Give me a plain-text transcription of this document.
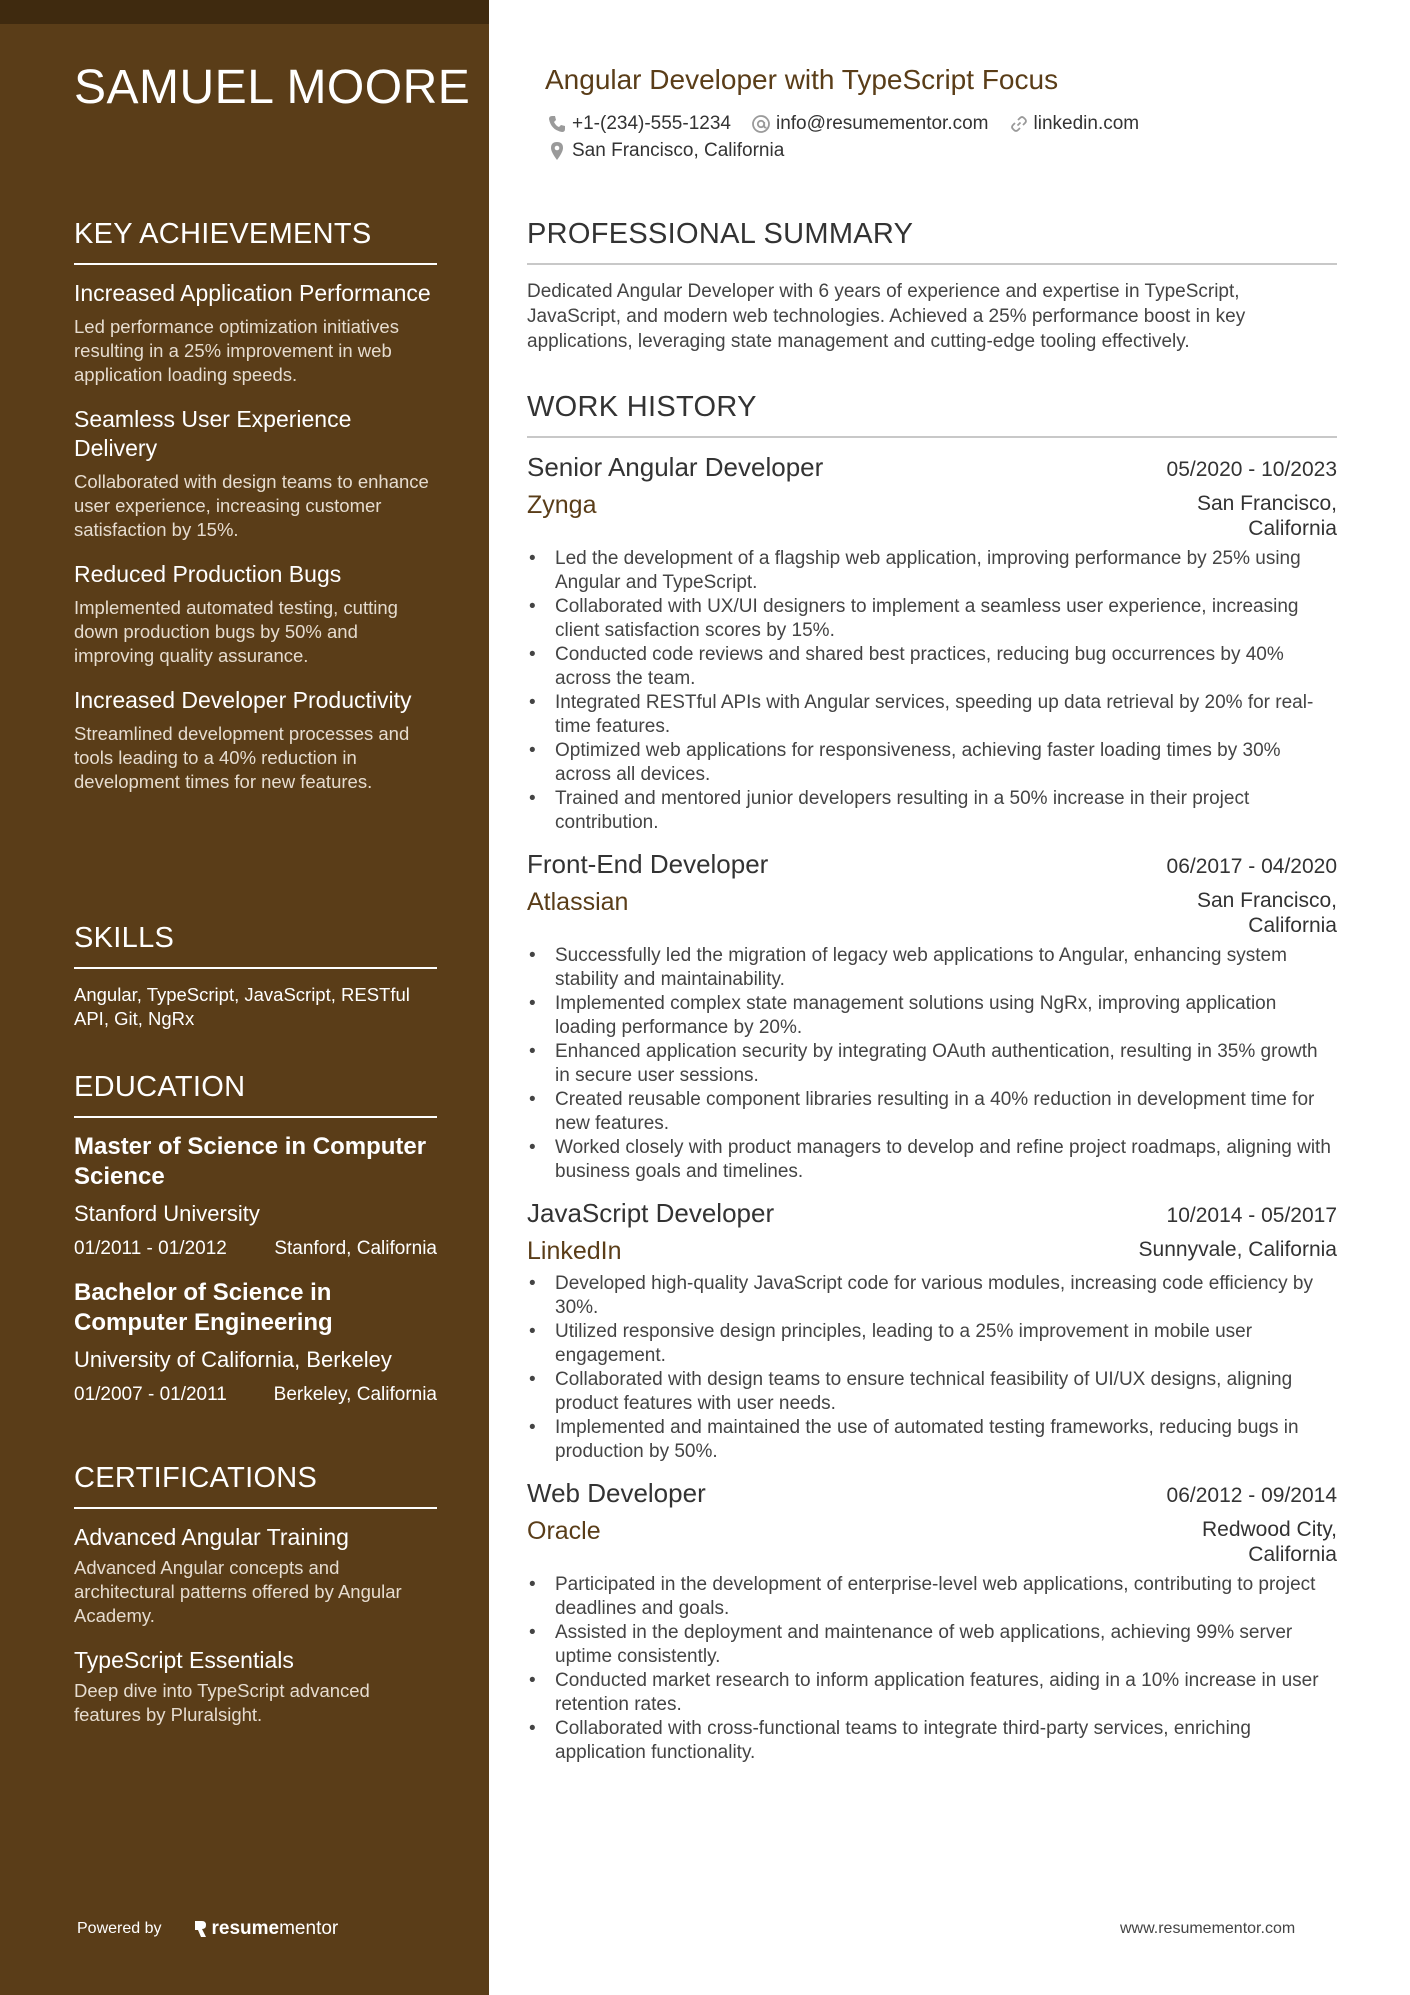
SAMUEL MOORE
KEY ACHIEVEMENTS
Increased Application Performance
Led performance optimization initiatives resulting in a 25% improvement in web application loading speeds.
Seamless User Experience Delivery
Collaborated with design teams to enhance user experience, increasing customer satisfaction by 15%.
Reduced Production Bugs
Implemented automated testing, cutting down production bugs by 50% and improving quality assurance.
Increased Developer Productivity
Streamlined development processes and tools leading to a 40% reduction in development times for new features.
SKILLS
Angular, TypeScript, JavaScript, RESTful API, Git, NgRx
EDUCATION
Master of Science in Computer Science
Stanford University
01/2011 - 01/2012	Stanford, California
Bachelor of Science in Computer Engineering
University of California, Berkeley
01/2007 - 01/2011 Berkeley, California
CERTIFICATIONS
Advanced Angular Training
Advanced Angular concepts and architectural patterns offered by Angular Academy.
TypeScript Essentials
Deep dive into TypeScript advanced features by Pluralsight.
Powered by	resume mentor
Angular Developer with TypeScript Focus
+1-(234)-555-1234 info@resumementor.com linkedin.com
San Francisco, California
PROFESSIONAL SUMMARY
Dedicated Angular Developer with 6 years of experience and expertise in TypeScript, JavaScript, and modern web technologies. Achieved a 25% performance boost in key applications, leveraging state management and cutting-edge tooling effectively.
WORK HISTORY
Senior Angular Developer	05/2020 - 10/2023
Zynga	San Francisco, California
• Led the development of a flagship web application, improving performance by 25% using Angular and TypeScript.
• Collaborated with UX/UI designers to implement a seamless user experience, increasing client satisfaction scores by 15%.
• Conducted code reviews and shared best practices, reducing bug occurrences by 40% across the team.
• Integrated RESTful APIs with Angular services, speeding up data retrieval by 20% for real-time features.
• Optimized web applications for responsiveness, achieving faster loading times by 30% across all devices.
• Trained and mentored junior developers resulting in a 50% increase in their project contribution.
Front-End Developer	06/2017 - 04/2020
Atlassian	San Francisco, California
• Successfully led the migration of legacy web applications to Angular, enhancing system stability and maintainability.
• Implemented complex state management solutions using NgRx, improving application loading performance by 20%.
• Enhanced application security by integrating OAuth authentication, resulting in 35% growth in secure user sessions.
• Created reusable component libraries resulting in a 40% reduction in development time for new features.
• Worked closely with product managers to develop and refine project roadmaps, aligning with business goals and timelines.
JavaScript Developer	10/2014 - 05/2017
LinkedIn	Sunnyvale, California
• Developed high-quality JavaScript code for various modules, increasing code efficiency by 30%.
• Utilized responsive design principles, leading to a 25% improvement in mobile user engagement.
• Collaborated with design teams to ensure technical feasibility of UI/UX designs, aligning product features with user needs.
• Implemented and maintained the use of automated testing frameworks, reducing bugs in production by 50%.
Web Developer	06/2012 - 09/2014
Oracle	Redwood City, California
• Participated in the development of enterprise-level web applications, contributing to project deadlines and goals.
• Assisted in the deployment and maintenance of web applications, achieving 99% server uptime consistently.
• Conducted market research to inform application features, aiding in a 10% increase in user retention rates.
• Collaborated with cross-functional teams to integrate third-party services, enriching application functionality.
www.resumementor.com
